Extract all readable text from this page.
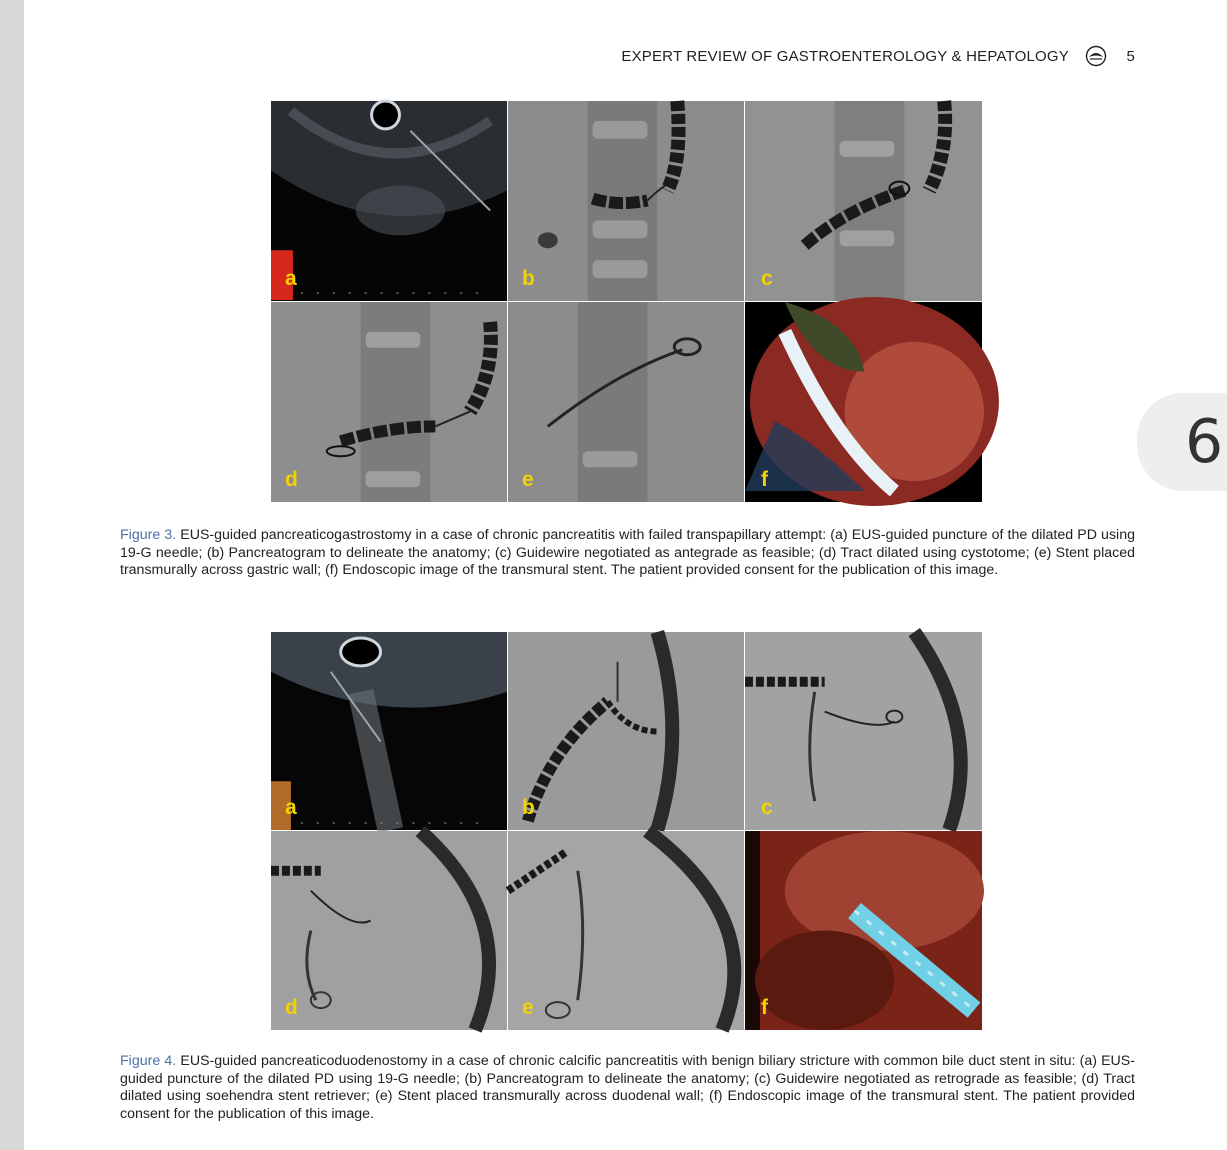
6
EXPERT REVIEW OF GASTROENTEROLOGY & HEPATOLOGY	5
a	b	c
d	e	f

Figure 3. EUS-guided pancreaticogastrostomy in a case of chronic pancreatitis with failed transpapillary attempt: (a) EUS-guided puncture of the dilated PD using 19-G needle; (b) Pancreatogram to delineate the anatomy; (c) Guidewire negotiated as antegrade as feasible; (d) Tract dilated using cystotome; (e) Stent placed transmurally across gastric wall; (f) Endoscopic image of the transmural stent. The patient provided consent for the publication of this image.

a	b	c
d	e	f

Figure 4. EUS-guided pancreaticoduodenostomy in a case of chronic calcific pancreatitis with benign biliary stricture with common bile duct stent in situ: (a) EUS-guided puncture of the dilated PD using 19-G needle; (b) Pancreatogram to delineate the anatomy; (c) Guidewire negotiated as retrograde as feasible; (d) Tract dilated using soehendra stent retriever; (e) Stent placed transmurally across duodenal wall; (f) Endoscopic image of the transmural stent. The patient provided consent for the publication of this image.
